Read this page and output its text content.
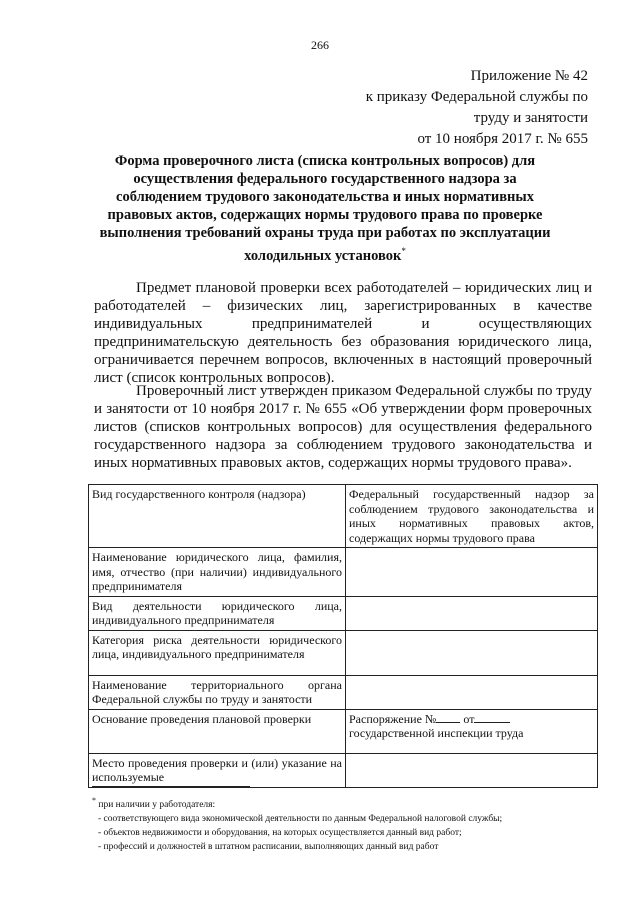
266
Приложение № 42
к приказу Федеральной службы по
труду и занятости
от 10 ноября 2017 г. № 655
Форма проверочного листа (списка контрольных вопросов) для осуществления федерального государственного надзора за соблюдением трудового законодательства и иных нормативных правовых актов, содержащих нормы трудового права по проверке выполнения требований охраны труда при работах по эксплуатации холодильных установок*
Предмет плановой проверки всех работодателей – юридических лиц и работодателей – физических лиц, зарегистрированных в качестве индивидуальных предпринимателей и осуществляющих предпринимательскую деятельность без образования юридического лица, ограничивается перечнем вопросов, включенных в настоящий проверочный лист (список контрольных вопросов).
Проверочный лист утвержден приказом Федеральной службы по труду и занятости от 10 ноября 2017 г. № 655 «Об утверждении форм проверочных листов (списков контрольных вопросов) для осуществления федерального государственного надзора за соблюдением трудового законодательства и иных нормативных правовых актов, содержащих нормы трудового права».
Вид государственного контроля (надзора)	Федеральный государственный надзор за соблюдением трудового законодательства и иных нормативных правовых актов, содержащих нормы трудового права
Наименование юридического лица, фамилия, имя, отчество (при наличии) индивидуального предпринимателя	
Вид деятельности юридического лица, индивидуального предпринимателя	
Категория риска деятельности юридического лица, индивидуального предпринимателя	
Наименование территориального органа Федеральной службы по труду и занятости	
Основание проведения плановой проверки	Распоряжение № от
государственной инспекции труда
Место проведения проверки и (или) указание на используемые	
* при наличии у работодателя:
- соответствующего вида экономической деятельности по данным Федеральной налоговой службы;
- объектов недвижимости и оборудования, на которых осуществляется данный вид работ;
- профессий и должностей в штатном расписании, выполняющих данный вид работ
